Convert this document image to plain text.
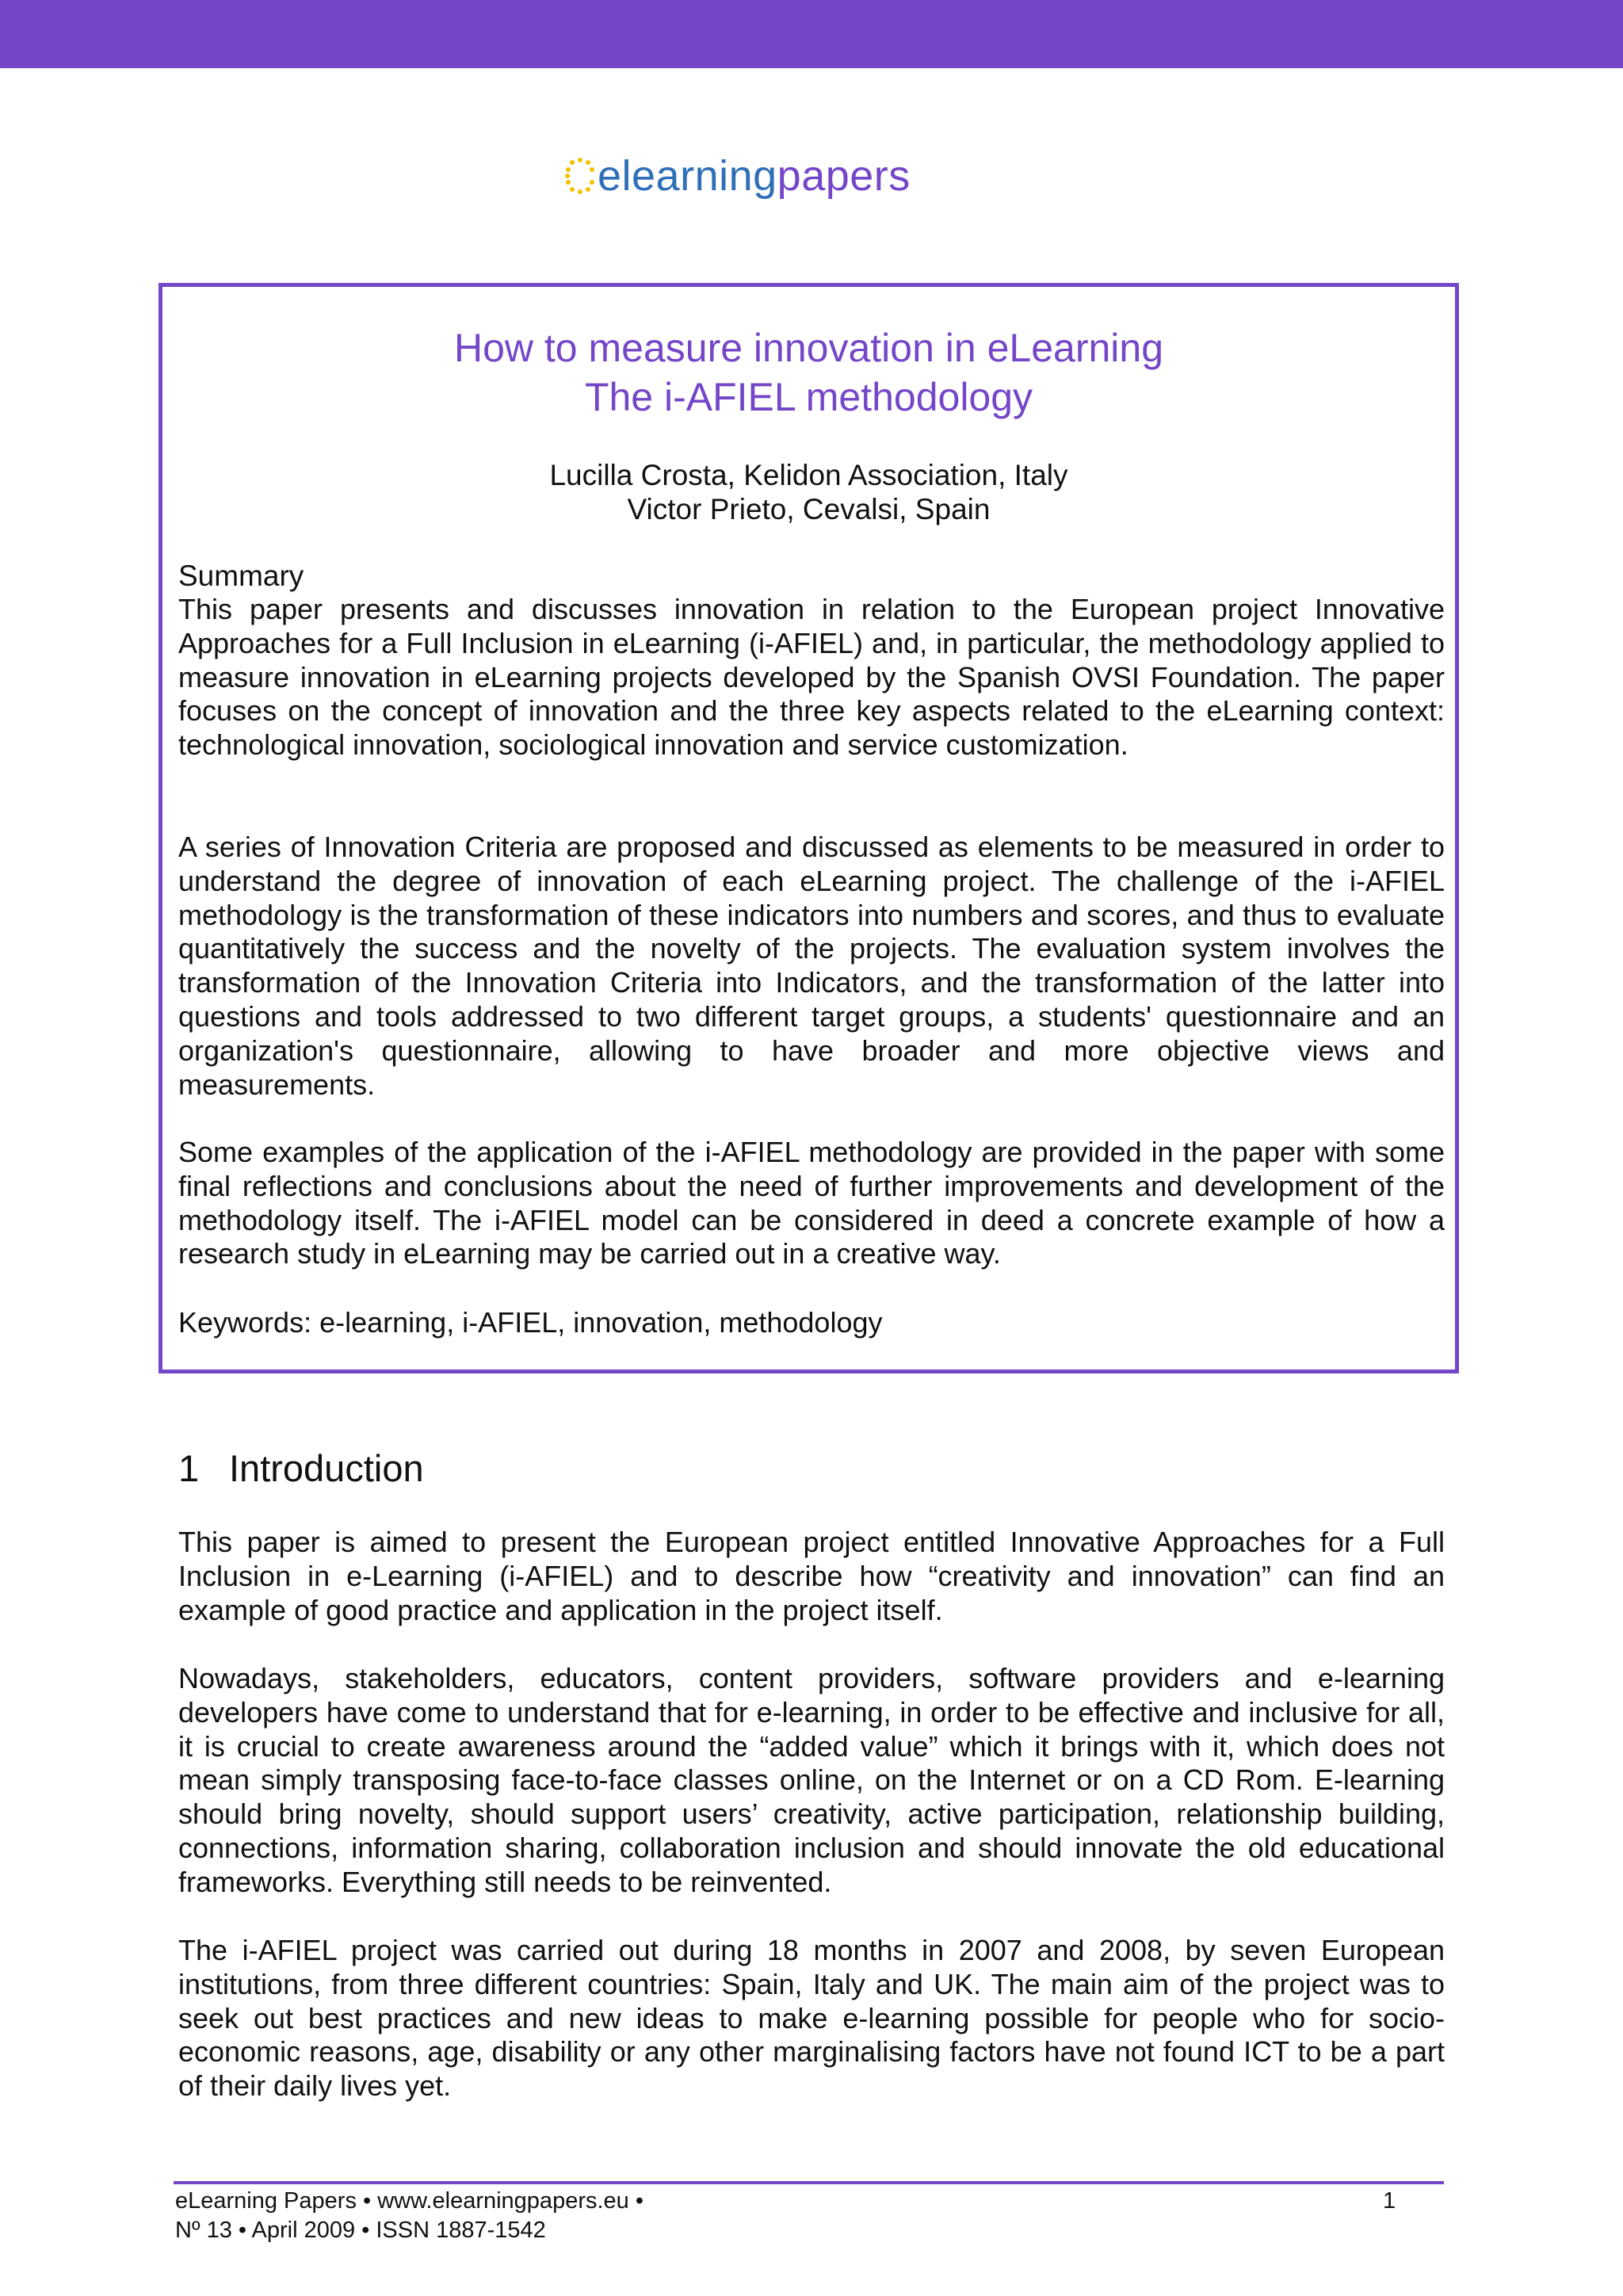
elearning papers
How to measure innovation in eLearning
The i-AFIEL methodology
Lucilla Crosta, Kelidon Association, Italy
Victor Prieto, Cevalsi, Spain
Summary

This paper presents and discusses innovation in relation to the European project Innovative Approaches for a Full Inclusion in eLearning (i-AFIEL) and, in particular, the methodology applied to measure innovation in eLearning projects developed by the Spanish OVSI Foundation. The paper focuses on the concept of innovation and the three key aspects related to the eLearning context: technological innovation, sociological innovation and service customization.

A series of Innovation Criteria are proposed and discussed as elements to be measured in order to understand the degree of innovation of each eLearning project. The challenge of the i-AFIEL methodology is the transformation of these indicators into numbers and scores, and thus to evaluate quantitatively the success and the novelty of the projects. The evaluation system involves the transformation of the Innovation Criteria into Indicators, and the transformation of the latter into questions and tools addressed to two different target groups, a students' questionnaire and an organization's questionnaire, allowing to have broader and more objective views and measurements.

Some examples of the application of the i-AFIEL methodology are provided in the paper with some final reflections and conclusions about the need of further improvements and development of the methodology itself. The i-AFIEL model can be considered in deed a concrete example of how a research study in eLearning may be carried out in a creative way.

Keywords: e-learning, i-AFIEL, innovation, methodology
1 Introduction

This paper is aimed to present the European project entitled Innovative Approaches for a Full Inclusion in e-Learning (i-AFIEL) and to describe how “creativity and innovation” can find an example of good practice and application in the project itself.

Nowadays, stakeholders, educators, content providers, software providers and e-learning developers have come to understand that for e-learning, in order to be effective and inclusive for all, it is crucial to create awareness around the “added value” which it brings with it, which does not mean simply transposing face-to-face classes online, on the Internet or on a CD Rom. E-learning should bring novelty, should support users’ creativity, active participation, relationship building, connections, information sharing, collaboration inclusion and should innovate the old educational frameworks. Everything still needs to be reinvented.

The i-AFIEL project was carried out during 18 months in 2007 and 2008, by seven European institutions, from three different countries: Spain, Italy and UK. The main aim of the project was to seek out best practices and new ideas to make e-learning possible for people who for socio-economic reasons, age, disability or any other marginalising factors have not found ICT to be a part of their daily lives yet.

eLearning Papers • www.elearningpapers.eu •
Nº 13 • April 2009 • ISSN 1887-1542
1
